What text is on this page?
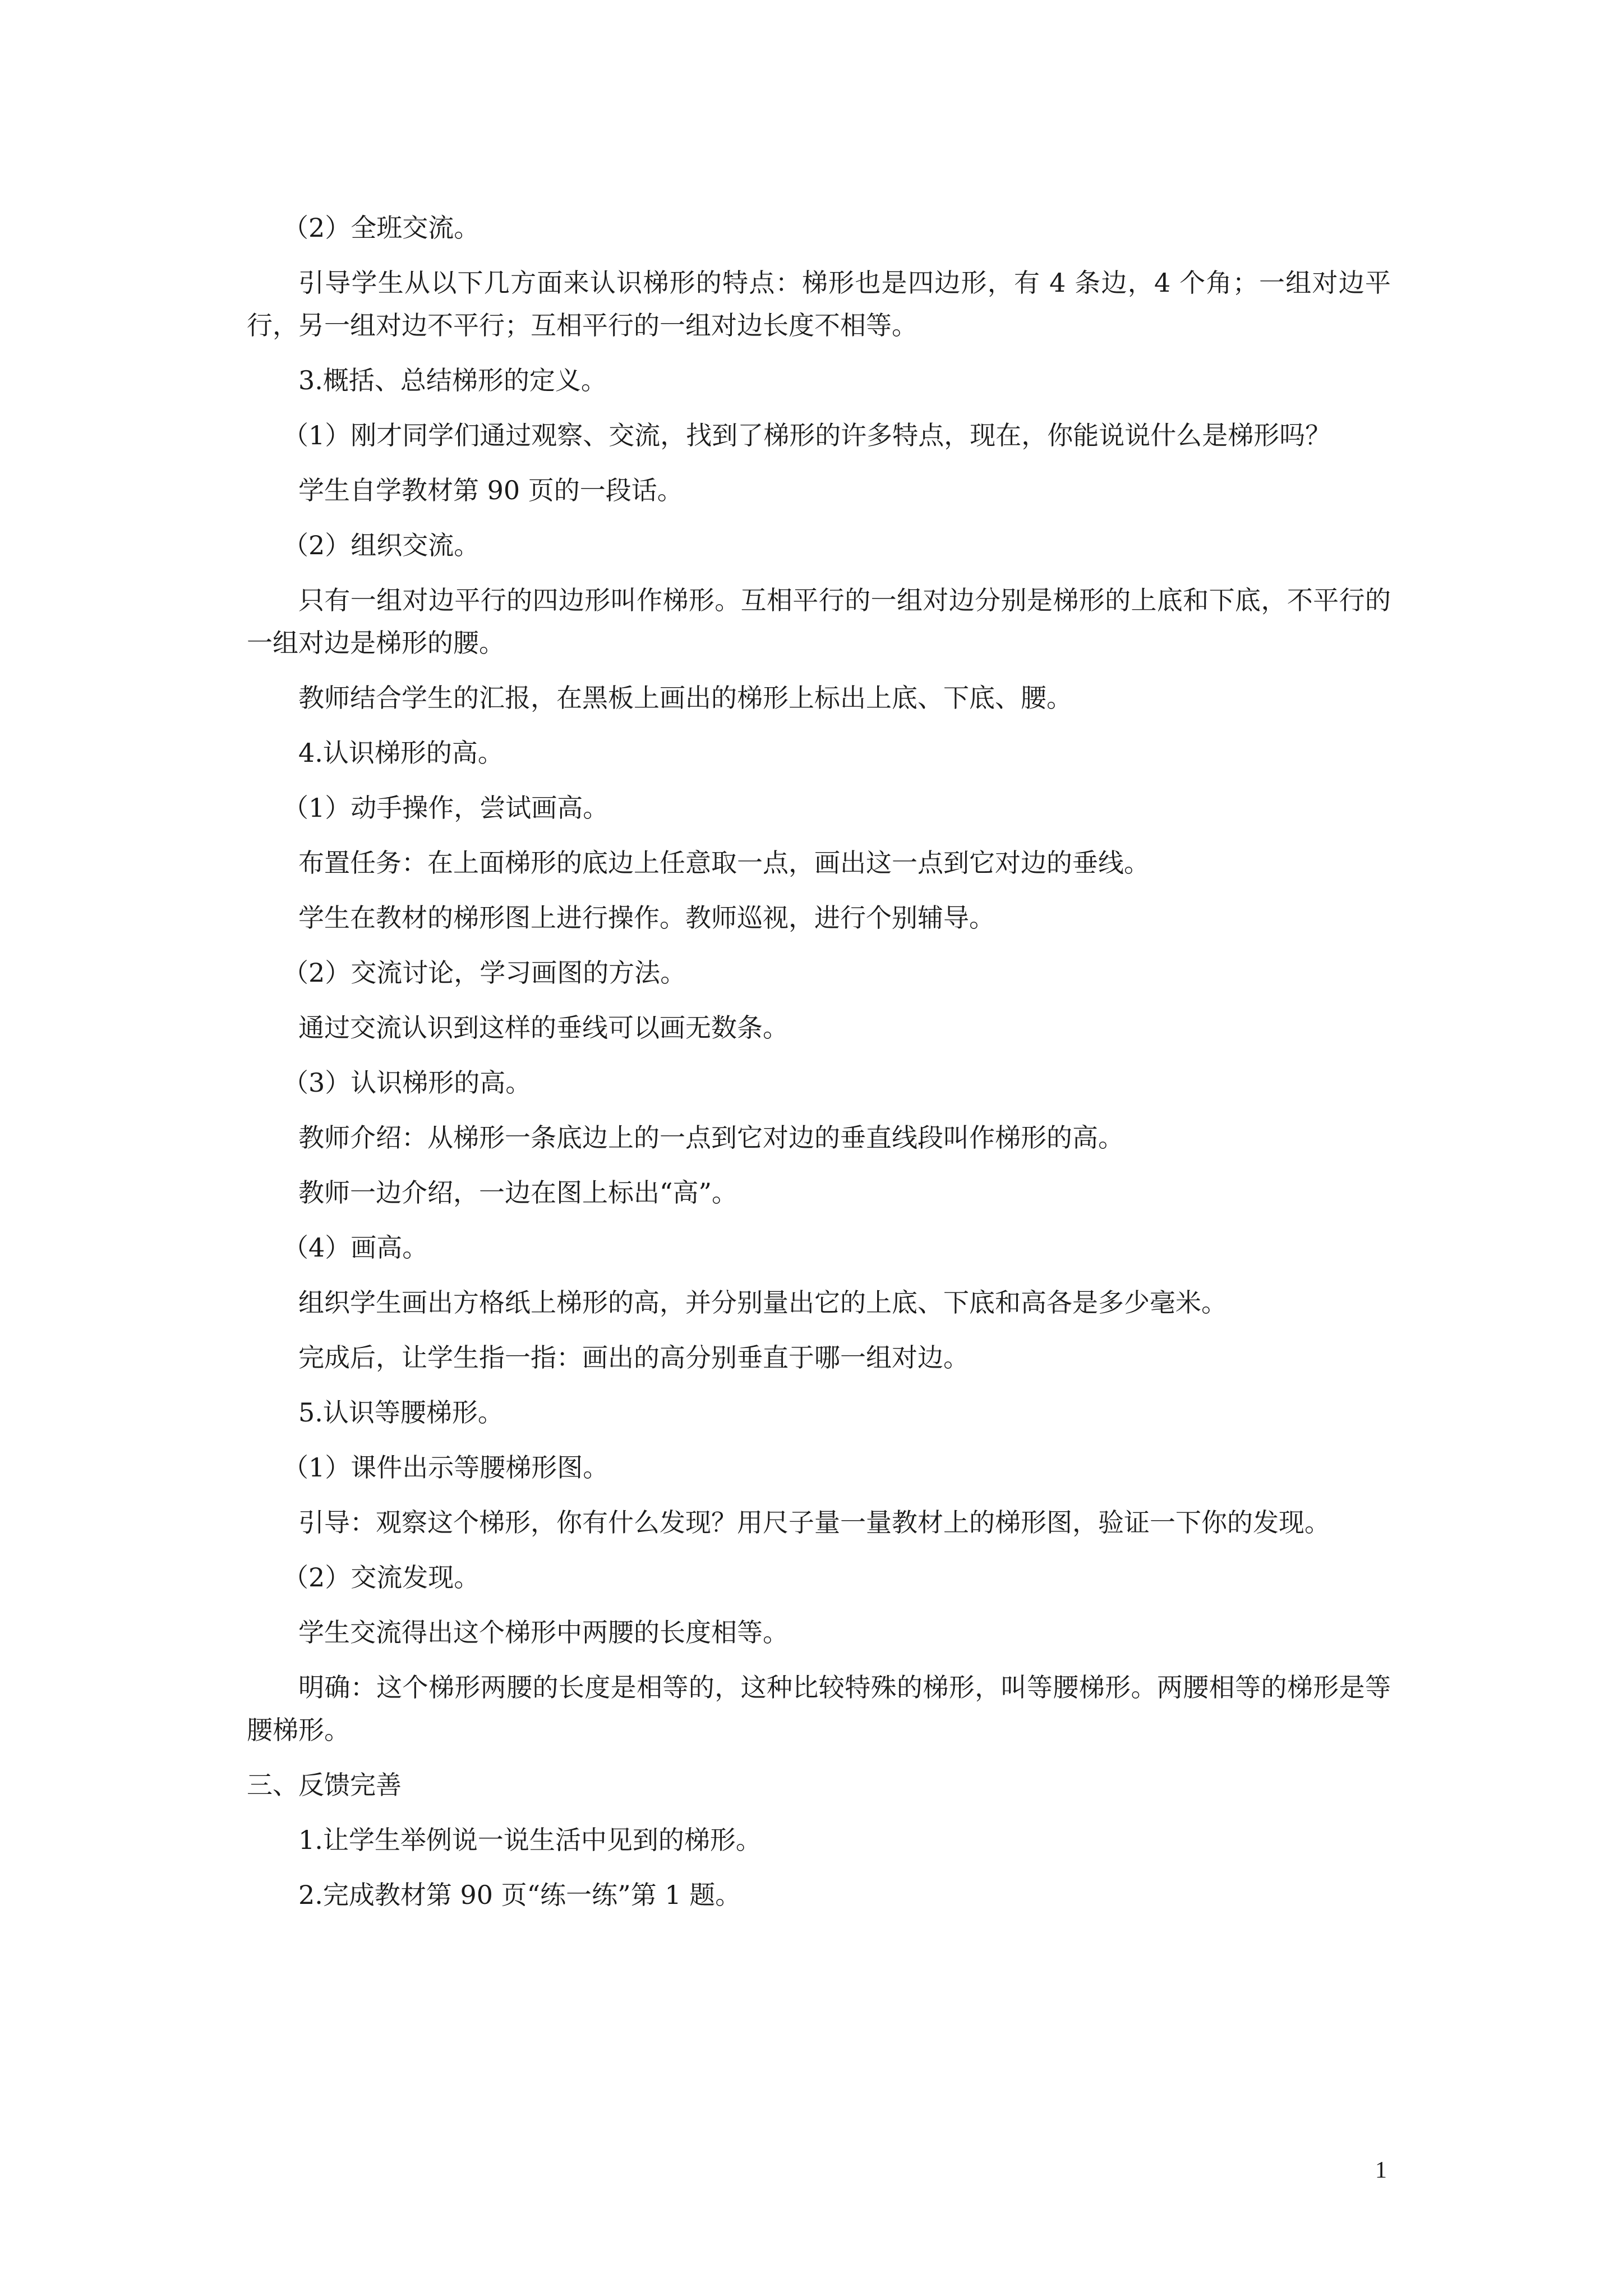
（2）全班交流。

引导学生从以下几方面来认识梯形的特点：梯形也是四边形，有 4 条边，4 个角；一组对边平行，另一组对边不平行；互相平行的一组对边长度不相等。

3.概括、总结梯形的定义。

（1）刚才同学们通过观察、交流，找到了梯形的许多特点，现在，你能说说什么是梯形吗？

学生自学教材第 90 页的一段话。

（2）组织交流。

只有一组对边平行的四边形叫作梯形。互相平行的一组对边分别是梯形的上底和下底，不平行的一组对边是梯形的腰。

教师结合学生的汇报，在黑板上画出的梯形上标出上底、下底、腰。

4.认识梯形的高。

（1）动手操作，尝试画高。

布置任务：在上面梯形的底边上任意取一点，画出这一点到它对边的垂线。

学生在教材的梯形图上进行操作。教师巡视，进行个别辅导。

（2）交流讨论，学习画图的方法。

通过交流认识到这样的垂线可以画无数条。

（3）认识梯形的高。

教师介绍：从梯形一条底边上的一点到它对边的垂直线段叫作梯形的高。

教师一边介绍，一边在图上标出“高”。

（4）画高。

组织学生画出方格纸上梯形的高，并分别量出它的上底、下底和高各是多少毫米。

完成后，让学生指一指：画出的高分别垂直于哪一组对边。

5.认识等腰梯形。

（1）课件出示等腰梯形图。

引导：观察这个梯形，你有什么发现？用尺子量一量教材上的梯形图，验证一下你的发现。

（2）交流发现。

学生交流得出这个梯形中两腰的长度相等。

明确：这个梯形两腰的长度是相等的，这种比较特殊的梯形，叫等腰梯形。两腰相等的梯形是等腰梯形。

三、反馈完善

1.让学生举例说一说生活中见到的梯形。

2.完成教材第 90 页“练一练”第 1 题。

1
